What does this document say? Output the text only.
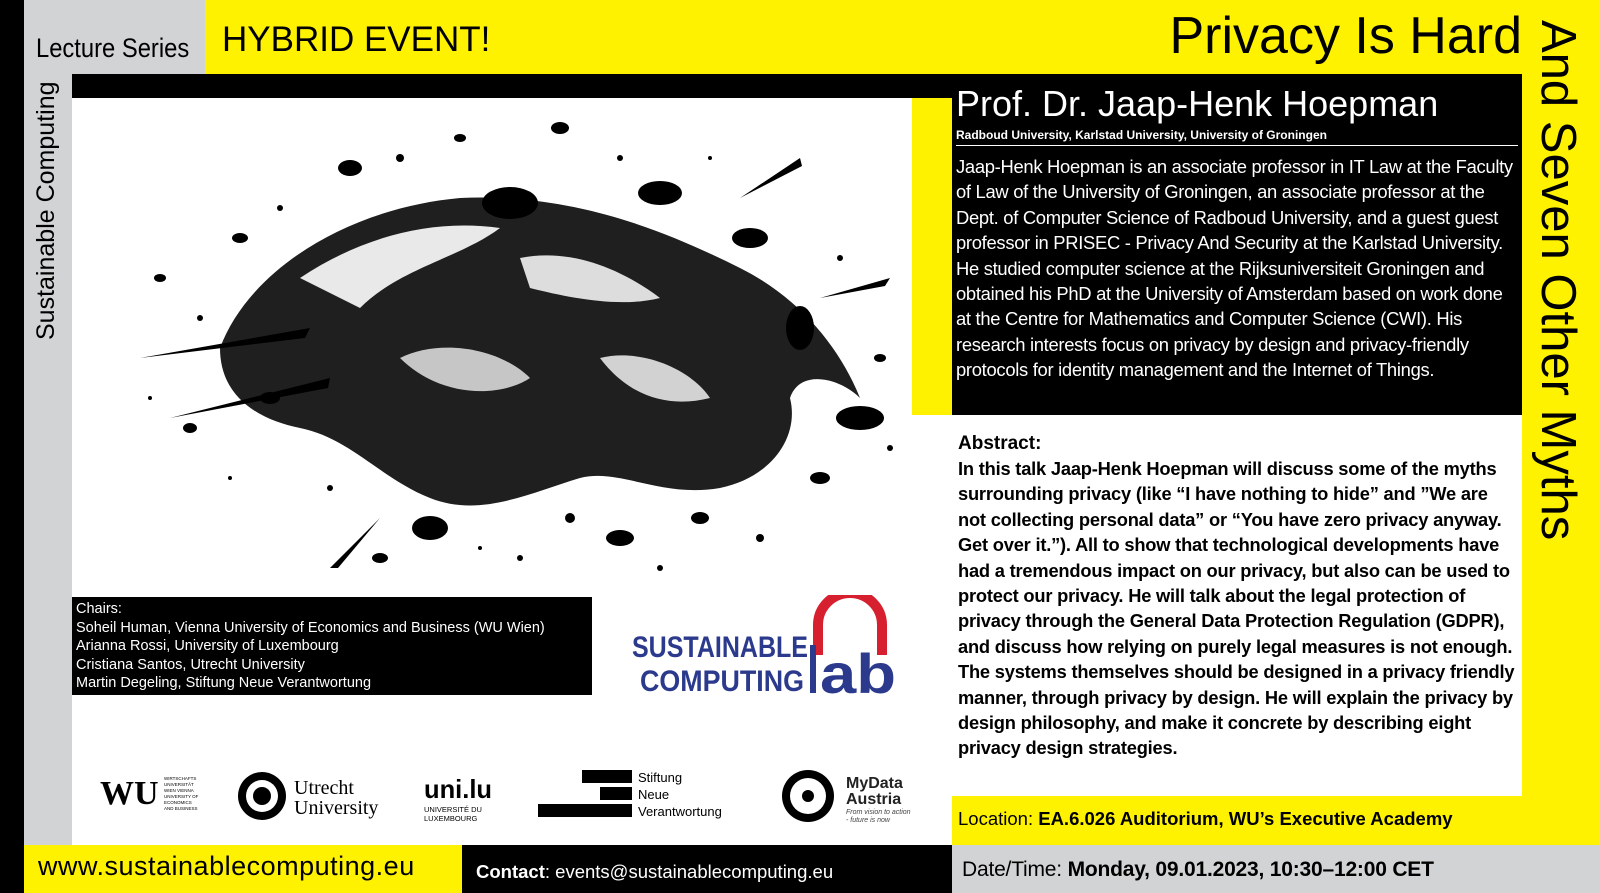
Lecture Series
Sustainable Computing
HYBRID EVENT!	Privacy Is Hard And Seven Other Myths
Prof. Dr. Jaap-Henk Hoepman
Radboud University, Karlstad University, University of Groningen
Jaap-Henk Hoepman is an associate professor in IT Law at the Faculty of Law of the University of Groningen, an associate professor at the Dept. of Computer Science of Radboud University, and a guest guest professor in PRISEC - Privacy And Security at the Karlstad University. He studied computer science at the Rijksuniversiteit Groningen and obtained his PhD at the University of Amsterdam based on work done at the Centre for Mathematics and Computer Science (CWI). His research interests focus on privacy by design and privacy-friendly protocols for identity management and the Internet of Things.
Abstract:
In this talk Jaap-Henk Hoepman will discuss some of the myths surrounding privacy (like “I have nothing to hide” and ”We are not collecting personal data” or “You have zero privacy anyway. Get over it.”). All to show that technological developments have had a tremendous impact on our privacy, but also can be used to protect our privacy. He will talk about the legal protection of privacy through the General Data Protection Regulation (GDPR), and discuss how relying on purely legal measures is not enough. The systems themselves should be designed in a privacy friendly manner, through privacy by design. He will explain the privacy by design philosophy, and make it concrete by describing eight privacy design strategies.
Chairs:
Soheil Human, Vienna University of Economics and Business (WU Wien)
Arianna Rossi, University of Luxembourg
Cristiana Santos, Utrecht University
Martin Degeling, Stiftung Neue Verantwortung
SUSTAINABLE
COMPUTING ab
WU WIRTSCHAFTS
UNIVERSITÄT
WIEN VIENNA
UNIVERSITY OF
ECONOMICS
AND BUSINESS
Utrecht
University
uni.lu
UNIVERSITÉ DU
LUXEMBOURG
Stiftung
Neue
Verantwortung
MyData
Austria
From vision to action
- future is now	Location: EA.6.026 Auditorium, WU’s Executive Academy
www.sustainablecomputing.eu	Contact: events@sustainablecomputing.eu	Date/Time: Monday, 09.01.2023, 10:30–12:00 CET
